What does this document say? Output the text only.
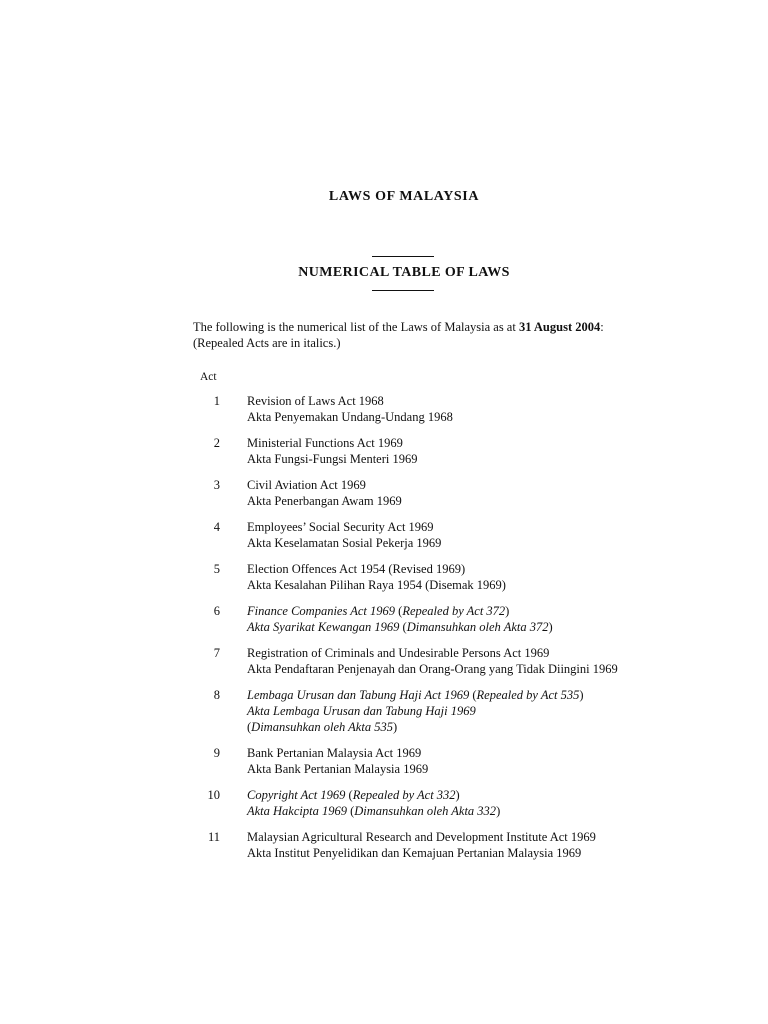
LAWS OF MALAYSIA
NUMERICAL TABLE OF LAWS
The following is the numerical list of the Laws of Malaysia as at 31 August 2004:
(Repealed Acts are in italics.)
Act
1 Revision of Laws Act 1968
Akta Penyemakan Undang-Undang 1968
2 Ministerial Functions Act 1969
Akta Fungsi-Fungsi Menteri 1969
3 Civil Aviation Act 1969
Akta Penerbangan Awam 1969
4 Employees’ Social Security Act 1969
Akta Keselamatan Sosial Pekerja 1969
5 Election Offences Act 1954 (Revised 1969)
Akta Kesalahan Pilihan Raya 1954 (Disemak 1969)
6 Finance Companies Act 1969 (Repealed by Act 372)
Akta Syarikat Kewangan 1969 (Dimansuhkan oleh Akta 372)
7 Registration of Criminals and Undesirable Persons Act 1969
Akta Pendaftaran Penjenayah dan Orang-Orang yang Tidak Diingini 1969
8 Lembaga Urusan dan Tabung Haji Act 1969 (Repealed by Act 535)
Akta Lembaga Urusan dan Tabung Haji 1969
(Dimansuhkan oleh Akta 535)
9 Bank Pertanian Malaysia Act 1969
Akta Bank Pertanian Malaysia 1969
10 Copyright Act 1969 (Repealed by Act 332)
Akta Hakcipta 1969 (Dimansuhkan oleh Akta 332)
11 Malaysian Agricultural Research and Development Institute Act 1969
Akta Institut Penyelidikan dan Kemajuan Pertanian Malaysia 1969
